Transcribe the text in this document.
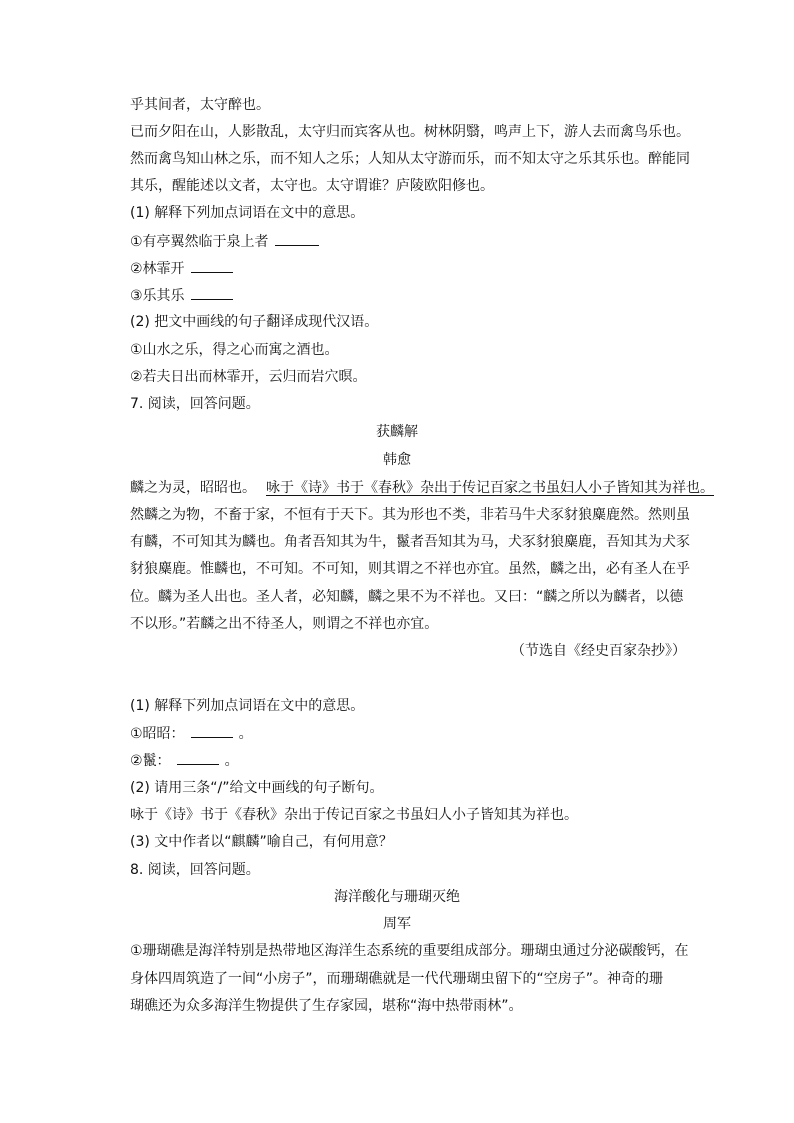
乎其间者，太守醉也。
已而夕阳在山，人影散乱，太守归而宾客从也。树林阴翳，鸣声上下，游人去而禽鸟乐也。
然而禽鸟知山林之乐，而不知人之乐；人知从太守游而乐，而不知太守之乐其乐也。醉能同
其乐，醒能述以文者，太守也。太守谓谁？庐陵欧阳修也。
(1) 解释下列加点词语在文中的意思。
①有亭翼然临于泉上者
②林霏开
③乐其乐
(2) 把文中画线的句子翻译成现代汉语。
①山水之乐，得之心而寓之酒也。
②若夫日出而林霏开，云归而岩穴暝。
7. 阅读，回答问题。
获麟解
韩愈
麟之为灵，昭昭也。 咏于《诗》书于《春秋》杂出于传记百家之书虽妇人小子皆知其为祥也。
然麟之为物，不畜于家，不恒有于天下。其为形也不类，非若马牛犬豕豺狼麋鹿然。然则虽
有麟，不可知其为麟也。角者吾知其为牛，鬣者吾知其为马，犬豕豺狼麋鹿，吾知其为犬豕
豺狼麋鹿。惟麟也，不可知。不可知，则其谓之不祥也亦宜。虽然，麟之出，必有圣人在乎
位。麟为圣人出也。圣人者，必知麟，麟之果不为不祥也。又曰：“麟之所以为麟者，以德
不以形。”若麟之出不待圣人，则谓之不祥也亦宜。
（节选自《经史百家杂抄》）
(1) 解释下列加点词语在文中的意思。
①昭昭：	。
②鬣：	。
(2) 请用三条“/”给文中画线的句子断句。
咏于《诗》书于《春秋》杂出于传记百家之书虽妇人小子皆知其为祥也。
(3) 文中作者以“麒麟”喻自己，有何用意？
8. 阅读，回答问题。
海洋酸化与珊瑚灭绝
周军
①珊瑚礁是海洋特别是热带地区海洋生态系统的重要组成部分。珊瑚虫通过分泌碳酸钙，在
身体四周筑造了一间“小房子”，而珊瑚礁就是一代代珊瑚虫留下的“空房子”。神奇的珊
瑚礁还为众多海洋生物提供了生存家园，堪称“海中热带雨林”。
